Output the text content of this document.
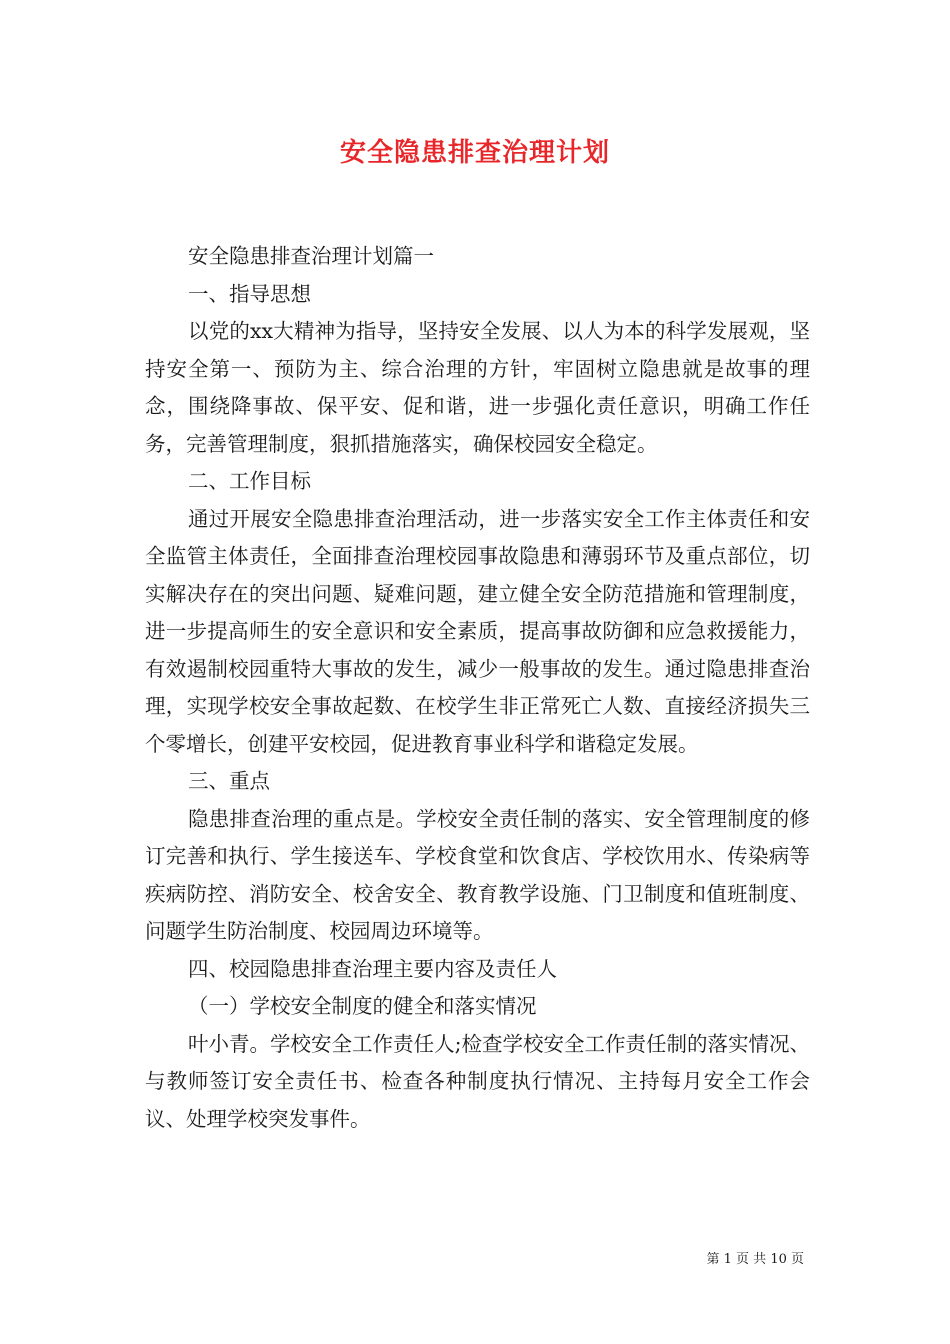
安全隐患排查治理计划

安全隐患排查治理计划篇一

一、指导思想

以党的xx大精神为指导，坚持安全发展、以人为本的科学发展观，坚持安全第一、预防为主、综合治理的方针，牢固树立隐患就是故事的理念，围绕降事故、保平安、促和谐，进一步强化责任意识，明确工作任务，完善管理制度，狠抓措施落实，确保校园安全稳定。

二、工作目标

通过开展安全隐患排查治理活动，进一步落实安全工作主体责任和安全监管主体责任，全面排查治理校园事故隐患和薄弱环节及重点部位，切实解决存在的突出问题、疑难问题，建立健全安全防范措施和管理制度，进一步提高师生的安全意识和安全素质，提高事故防御和应急救援能力，有效遏制校园重特大事故的发生，减少一般事故的发生。通过隐患排查治理，实现学校安全事故起数、在校学生非正常死亡人数、直接经济损失三个零增长，创建平安校园，促进教育事业科学和谐稳定发展。

三、重点

隐患排查治理的重点是。学校安全责任制的落实、安全管理制度的修订完善和执行、学生接送车、学校食堂和饮食店、学校饮用水、传染病等疾病防控、消防安全、校舍安全、教育教学设施、门卫制度和值班制度、问题学生防治制度、校园周边环境等。

四、校园隐患排查治理主要内容及责任人

（一）学校安全制度的健全和落实情况

叶小青。学校安全工作责任人;检查学校安全工作责任制的落实情况、与教师签订安全责任书、检查各种制度执行情况、主持每月安全工作会议、处理学校突发事件。

第 1 页 共 10 页
